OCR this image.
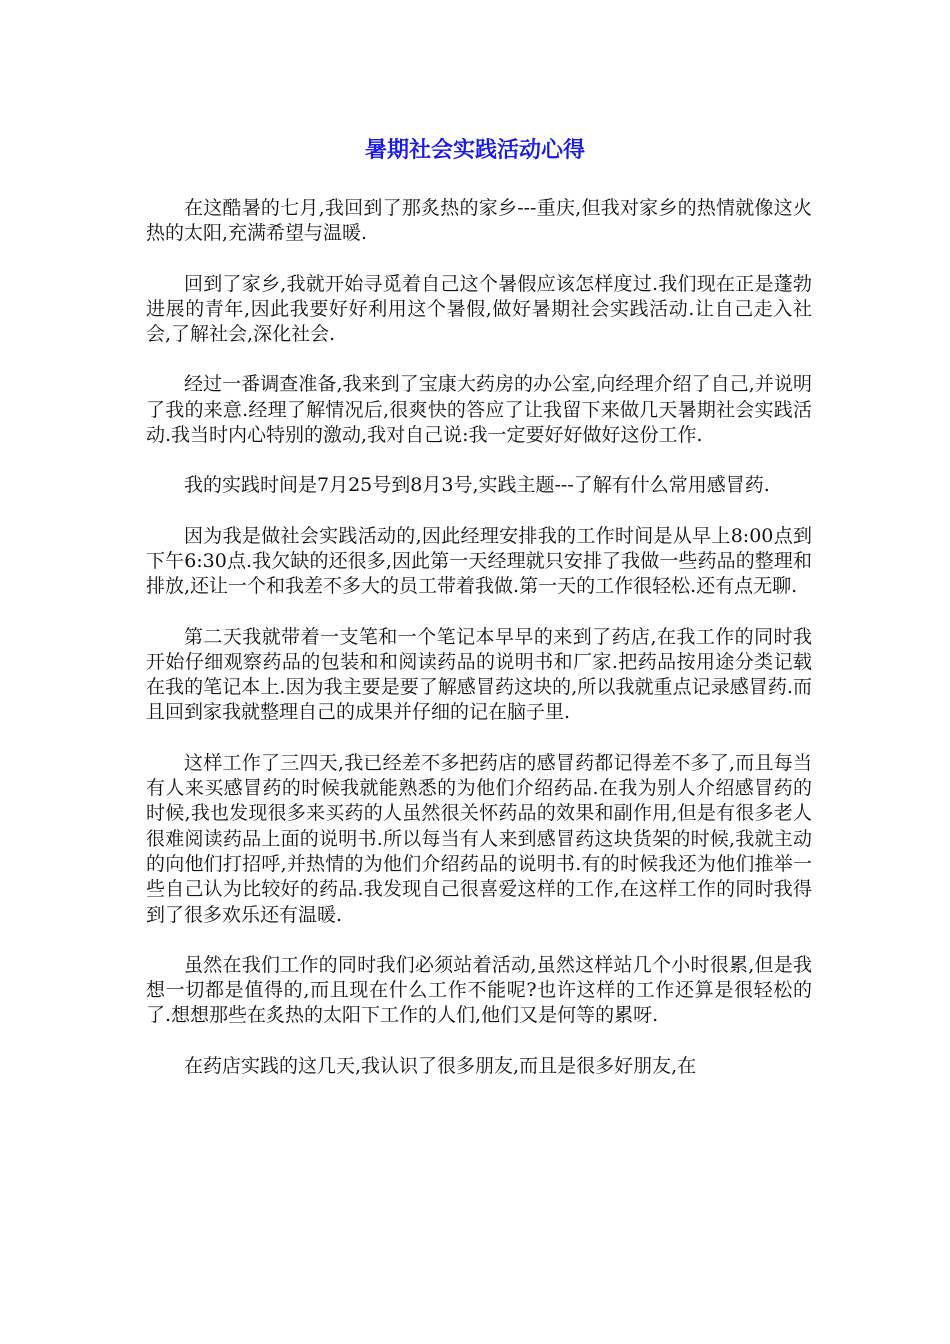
暑期社会实践活动心得

在这酷暑的七月,我回到了那炙热的家乡---重庆,但我对家乡的热情就像这火热的太阳,充满希望与温暖.

回到了家乡,我就开始寻觅着自己这个暑假应该怎样度过.我们现在正是蓬勃进展的青年,因此我要好好利用这个暑假,做好暑期社会实践活动.让自己走入社会,了解社会,深化社会.

经过一番调查准备,我来到了宝康大药房的办公室,向经理介绍了自己,并说明了我的来意.经理了解情况后,很爽快的答应了让我留下来做几天暑期社会实践活动.我当时内心特别的激动,我对自己说:我一定要好好做好这份工作.

我的实践时间是7月25号到8月3号,实践主题---了解有什么常用感冒药.

因为我是做社会实践活动的,因此经理安排我的工作时间是从早上8:00点到下午6:30点.我欠缺的还很多,因此第一天经理就只安排了我做一些药品的整理和排放,还让一个和我差不多大的员工带着我做.第一天的工作很轻松.还有点无聊.

第二天我就带着一支笔和一个笔记本早早的来到了药店,在我工作的同时我开始仔细观察药品的包装和和阅读药品的说明书和厂家.把药品按用途分类记载在我的笔记本上.因为我主要是要了解感冒药这块的,所以我就重点记录感冒药.而且回到家我就整理自己的成果并仔细的记在脑子里.

这样工作了三四天,我已经差不多把药店的感冒药都记得差不多了,而且每当有人来买感冒药的时候我就能熟悉的为他们介绍药品.在我为别人介绍感冒药的时候,我也发现很多来买药的人虽然很关怀药品的效果和副作用,但是有很多老人很难阅读药品上面的说明书.所以每当有人来到感冒药这块货架的时候,我就主动的向他们打招呼,并热情的为他们介绍药品的说明书.有的时候我还为他们推举一些自己认为比较好的药品.我发现自己很喜爱这样的工作,在这样工作的同时我得到了很多欢乐还有温暖.

虽然在我们工作的同时我们必须站着活动,虽然这样站几个小时很累,但是我想一切都是值得的,而且现在什么工作不能呢?也许这样的工作还算是很轻松的了.想想那些在炙热的太阳下工作的人们,他们又是何等的累呀.

在药店实践的这几天,我认识了很多朋友,而且是很多好朋友,在
